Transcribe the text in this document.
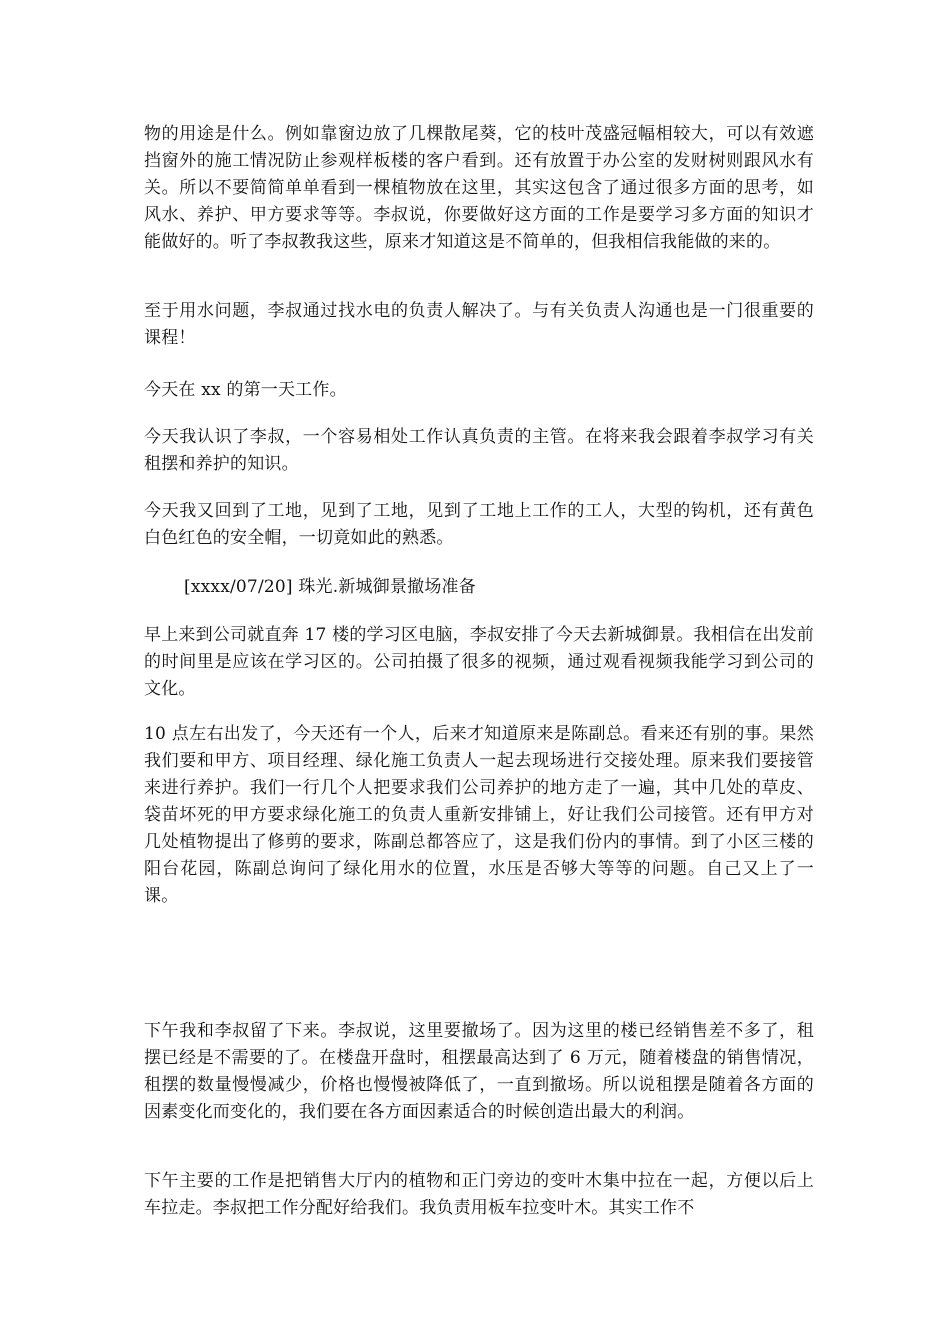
物的用途是什么。例如靠窗边放了几棵散尾葵，它的枝叶茂盛冠幅相较大，可以有效遮挡窗外的施工情况防止参观样板楼的客户看到。还有放置于办公室的发财树则跟风水有关。所以不要简简单单看到一棵植物放在这里，其实这包含了通过很多方面的思考，如风水、养护、甲方要求等等。李叔说，你要做好这方面的工作是要学习多方面的知识才能做好的。听了李叔教我这些，原来才知道这是不简单的，但我相信我能做的来的。

至于用水问题，李叔通过找水电的负责人解决了。与有关负责人沟通也是一门很重要的课程！

今天在 xx 的第一天工作。

今天我认识了李叔，一个容易相处工作认真负责的主管。在将来我会跟着李叔学习有关租摆和养护的知识。

今天我又回到了工地，见到了工地，见到了工地上工作的工人，大型的钩机，还有黄色白色红色的安全帽，一切竟如此的熟悉。

[xxxx/07/20] 珠光.新城御景撤场准备

早上来到公司就直奔 17 楼的学习区电脑，李叔安排了今天去新城御景。我相信在出发前的时间里是应该在学习区的。公司拍摄了很多的视频，通过观看视频我能学习到公司的文化。

10 点左右出发了，今天还有一个人，后来才知道原来是陈副总。看来还有别的事。果然我们要和甲方、项目经理、绿化施工负责人一起去现场进行交接处理。原来我们要接管来进行养护。我们一行几个人把要求我们公司养护的地方走了一遍，其中几处的草皮、袋苗坏死的甲方要求绿化施工的负责人重新安排铺上，好让我们公司接管。还有甲方对几处植物提出了修剪的要求，陈副总都答应了，这是我们份内的事情。到了小区三楼的阳台花园，陈副总询问了绿化用水的位置，水压是否够大等等的问题。自己又上了一课。

下午我和李叔留了下来。李叔说，这里要撤场了。因为这里的楼已经销售差不多了，租摆已经是不需要的了。在楼盘开盘时，租摆最高达到了 6 万元，随着楼盘的销售情况，租摆的数量慢慢减少，价格也慢慢被降低了，一直到撤场。所以说租摆是随着各方面的因素变化而变化的，我们要在各方面因素适合的时候创造出最大的利润。

下午主要的工作是把销售大厅内的植物和正门旁边的变叶木集中拉在一起，方便以后上车拉走。李叔把工作分配好给我们。我负责用板车拉变叶木。其实工作不
